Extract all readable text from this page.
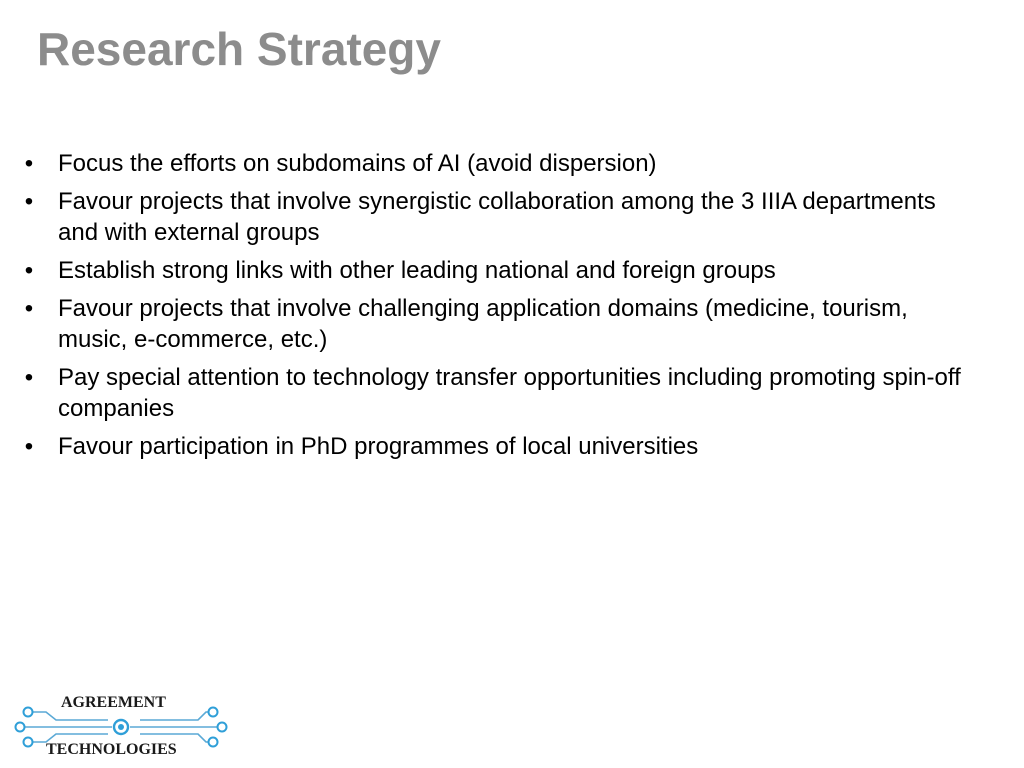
Research Strategy
• Focus the efforts on subdomains of AI (avoid dispersion)
• Favour projects that involve synergistic collaboration among the 3 IIIA departments and with external groups
• Establish strong links with other leading national and foreign groups
• Favour projects that involve challenging application domains (medicine, tourism, music, e-commerce, etc.)
• Pay special attention to technology transfer opportunities including promoting spin-off companies
• Favour participation in PhD programmes of local universities
AGREEMENT
TECHNOLOGIES
